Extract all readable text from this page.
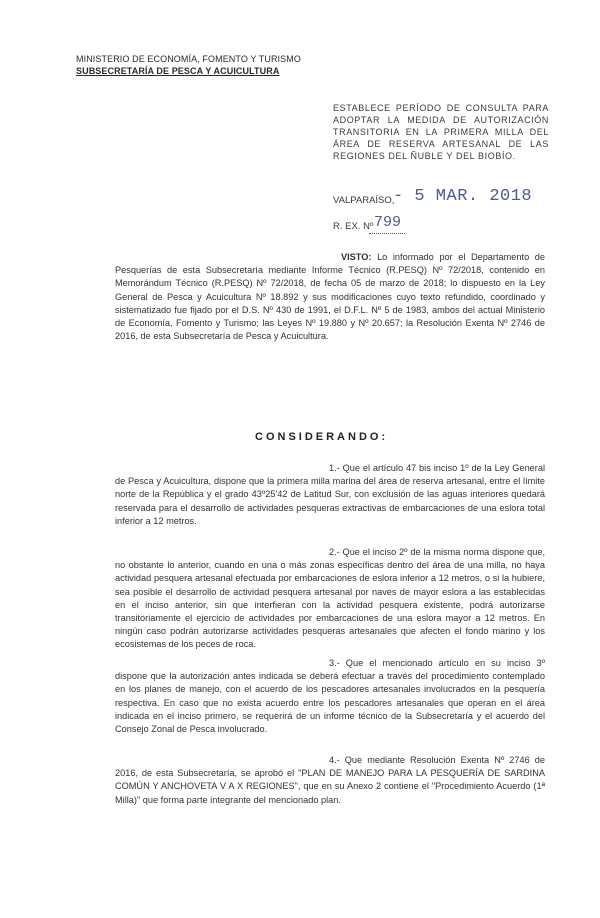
MINISTERIO DE ECONOMÍA, FOMENTO Y TURISMO
SUBSECRETARÍA DE PESCA Y ACUICULTURA
ESTABLECE PERÍODO DE CONSULTA PARA ADOPTAR LA MEDIDA DE AUTORIZACIÓN TRANSITORIA EN LA PRIMERA MILLA DEL ÁREA DE RESERVA ARTESANAL DE LAS REGIONES DEL ÑUBLE Y DEL BIOBÍO.
VALPARAÍSO,
- 5 MAR. 2018
R. EX. Nº 799
VISTO: Lo informado por el Departamento de Pesquerías de esta Subsecretaría mediante Informe Técnico (R.PESQ) Nº 72/2018, contenido en Memorándum Técnico (R.PESQ) Nº 72/2018, de fecha 05 de marzo de 2018; lo dispuesto en la Ley General de Pesca y Acuicultura Nº 18.892 y sus modificaciones cuyo texto refundido, coordinado y sistematizado fue fijado por el D.S. Nº 430 de 1991, el D.F.L. Nº 5 de 1983, ambos del actual Ministerio de Economía, Fomento y Turismo; las Leyes Nº 19.880 y Nº 20.657; la Resolución Exenta Nº 2746 de 2016, de esta Subsecretaría de Pesca y Acuicultura.
CONSIDERANDO:
1.- Que el artículo 47 bis inciso 1º de la Ley General de Pesca y Acuicultura, dispone que la primera milla marina del área de reserva artesanal, entre el límite norte de la República y el grado 43º25'42 de Latitud Sur, con exclusión de las aguas interiores quedará reservada para el desarrollo de actividades pesqueras extractivas de embarcaciones de una eslora total inferior a 12 metros.
2.- Que el inciso 2º de la misma norma dispone que, no obstante lo anterior, cuando en una o más zonas específicas dentro del área de una milla, no haya actividad pesquera artesanal efectuada por embarcaciones de eslora inferior a 12 metros, o si la hubiere, sea posible el desarrollo de actividad pesquera artesanal por naves de mayor eslora a las establecidas en el inciso anterior, sin que interfieran con la actividad pesquera existente, podrá autorizarse transitoriamente el ejercicio de actividades por embarcaciones de una eslora mayor a 12 metros. En ningún caso podrán autorizarse actividades pesqueras artesanales que afecten el fondo marino y los ecosistemas de los peces de roca.
3.- Que el mencionado artículo en su inciso 3º dispone que la autorización antes indicada se deberá efectuar a través del procedimiento contemplado en los planes de manejo, con el acuerdo de los pescadores artesanales involucrados en la pesquería respectiva. En caso que no exista acuerdo entre los pescadores artesanales que operan en el área indicada en el inciso primero, se requerirá de un informe técnico de la Subsecretaría y el acuerdo del Consejo Zonal de Pesca involucrado.
4.- Que mediante Resolución Exenta Nº 2746 de 2016, de esta Subsecretaría, se aprobó el "PLAN DE MANEJO PARA LA PESQUERÍA DE SARDINA COMÚN Y ANCHOVETA V A X REGIONES", que en su Anexo 2 contiene el "Procedimiento Acuerdo (1ª Milla)" que forma parte integrante del mencionado plan.
